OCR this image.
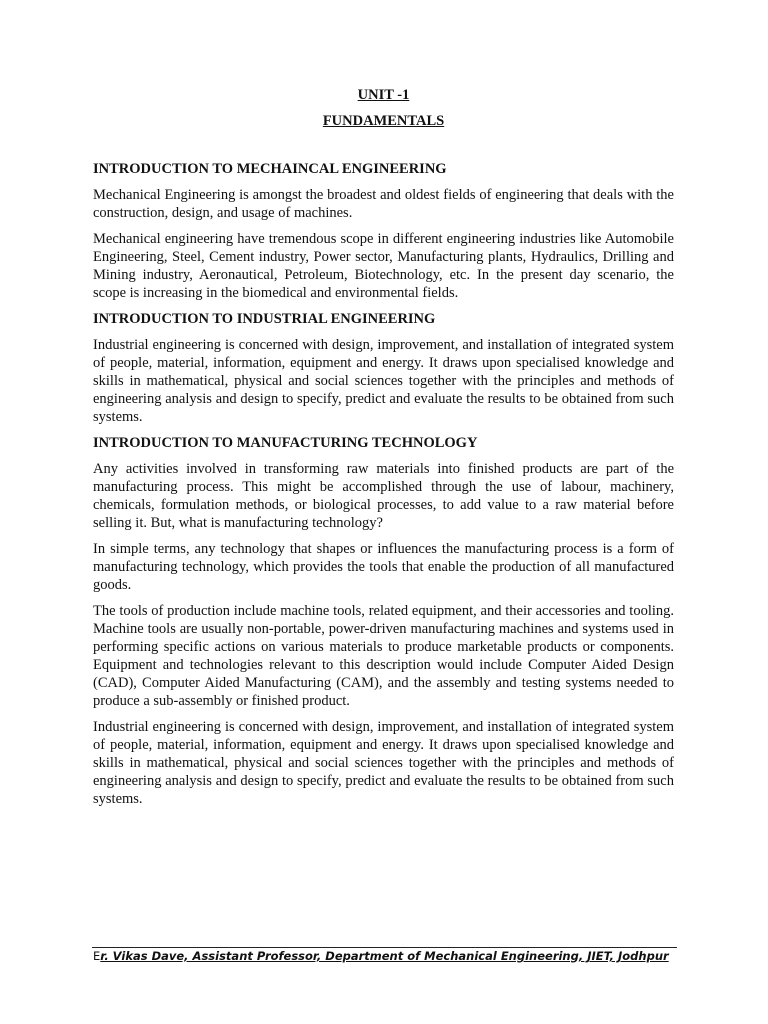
UNIT -1
FUNDAMENTALS
INTRODUCTION TO MECHAINCAL ENGINEERING

Mechanical Engineering is amongst the broadest and oldest fields of engineering that deals with the construction, design, and usage of machines.

Mechanical engineering have tremendous scope in different engineering industries like Automobile Engineering, Steel, Cement industry, Power sector, Manufacturing plants, Hydraulics, Drilling and Mining industry, Aeronautical, Petroleum, Biotechnology, etc. In the present day scenario, the scope is increasing in the biomedical and environmental fields.

INTRODUCTION TO INDUSTRIAL ENGINEERING

Industrial engineering is concerned with design, improvement, and installation of integrated system of people, material, information, equipment and energy. It draws upon specialised knowledge and skills in mathematical, physical and social sciences together with the principles and methods of engineering analysis and design to specify, predict and evaluate the results to be obtained from such systems.

INTRODUCTION TO MANUFACTURING TECHNOLOGY

Any activities involved in transforming raw materials into finished products are part of the manufacturing process. This might be accomplished through the use of labour, machinery, chemicals, formulation methods, or biological processes, to add value to a raw material before selling it. But, what is manufacturing technology?

In simple terms, any technology that shapes or influences the manufacturing process is a form of manufacturing technology, which provides the tools that enable the production of all manufactured goods.

The tools of production include machine tools, related equipment, and their accessories and tooling. Machine tools are usually non-portable, power-driven manufacturing machines and systems used in performing specific actions on various materials to produce marketable products or components. Equipment and technologies relevant to this description would include Computer Aided Design (CAD), Computer Aided Manufacturing (CAM), and the assembly and testing systems needed to produce a sub-assembly or finished product.

Industrial engineering is concerned with design, improvement, and installation of integrated system of people, material, information, equipment and energy. It draws upon specialised knowledge and skills in mathematical, physical and social sciences together with the principles and methods of engineering analysis and design to specify, predict and evaluate the results to be obtained from such systems.

Er. Vikas Dave, Assistant Professor, Department of Mechanical Engineering, JIET, Jodhpur
